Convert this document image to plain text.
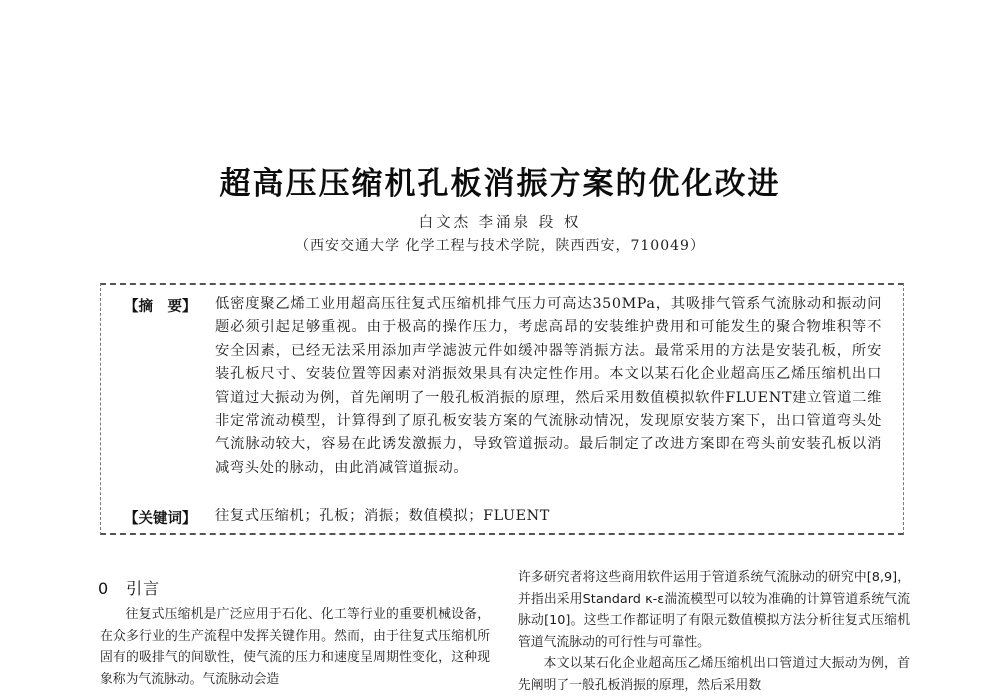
超高压压缩机孔板消振方案的优化改进
白文杰 李涌泉 段 权
（西安交通大学 化学工程与技术学院，陕西西安，710049）
【摘　要】 低密度聚乙烯工业用超高压往复式压缩机排气压力可高达350MPa，其吸排气管系气流脉动和振动问题必须引起足够重视。由于极高的操作压力，考虑高昂的安装维护费用和可能发生的聚合物堆积等不安全因素，已经无法采用添加声学滤波元件如缓冲器等消振方法。最常采用的方法是安装孔板，所安装孔板尺寸、安装位置等因素对消振效果具有决定性作用。本文以某石化企业超高压乙烯压缩机出口管道过大振动为例，首先阐明了一般孔板消振的原理，然后采用数值模拟软件FLUENT建立管道二维非定常流动模型，计算得到了原孔板安装方案的气流脉动情况，发现原安装方案下，出口管道弯头处气流脉动较大，容易在此诱发激振力，导致管道振动。最后制定了改进方案即在弯头前安装孔板以消减弯头处的脉动，由此消减管道振动。
【关键词】 往复式压缩机；孔板；消振；数值模拟；FLUENT
0　引言

往复式压缩机是广泛应用于石化、化工等行业的重要机械设备，在众多行业的生产流程中发挥关键作用。然而，由于往复式压缩机所固有的吸排气的间歇性，使气流的压力和速度呈周期性变化，这种现象称为气流脉动。气流脉动会造

许多研究者将这些商用软件运用于管道系统气流脉动的研究中[8,9]，并指出采用Standard κ-ε湍流模型可以较为准确的计算管道系统气流脉动[10]。这些工作都证明了有限元数值模拟方法分析往复式压缩机管道气流脉动的可行性与可靠性。

本文以某石化企业超高压乙烯压缩机出口管道过大振动为例，首先阐明了一般孔板消振的原理，然后采用数
